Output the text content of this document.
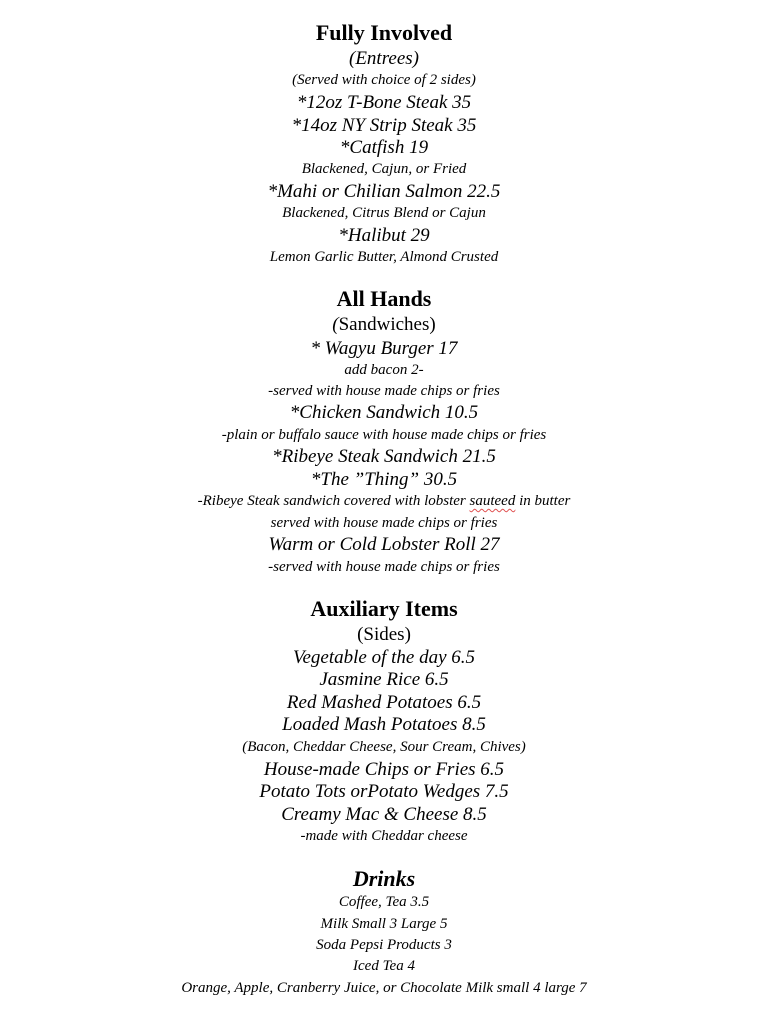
Fully Involved
(Entrees)
(Served with choice of 2 sides)
*12oz T-Bone Steak 35
*14oz NY Strip Steak 35
*Catfish 19
Blackened, Cajun, or Fried
*Mahi or Chilian Salmon 22.5
Blackened, Citrus Blend or Cajun
*Halibut 29
Lemon Garlic Butter, Almond Crusted
All Hands
(Sandwiches)
* Wagyu Burger 17
add bacon 2-
-served with house made chips or fries
*Chicken Sandwich 10.5
-plain or buffalo sauce with house made chips or fries
*Ribeye Steak Sandwich 21.5
*The ”Thing” 30.5
-Ribeye Steak sandwich covered with lobster sauteed in butter
served with house made chips or fries
Warm or Cold Lobster Roll 27
-served with house made chips or fries
Auxiliary Items
(Sides)
Vegetable of the day 6.5
Jasmine Rice 6.5
Red Mashed Potatoes 6.5
Loaded Mash Potatoes 8.5
(Bacon, Cheddar Cheese, Sour Cream, Chives)
House-made Chips or Fries 6.5
Potato Tots orPotato Wedges 7.5
Creamy Mac & Cheese 8.5
-made with Cheddar cheese
Drinks
Coffee, Tea 3.5
Milk Small 3 Large 5
Soda Pepsi Products 3
Iced Tea 4
Orange, Apple, Cranberry Juice, or Chocolate Milk small 4 large 7
